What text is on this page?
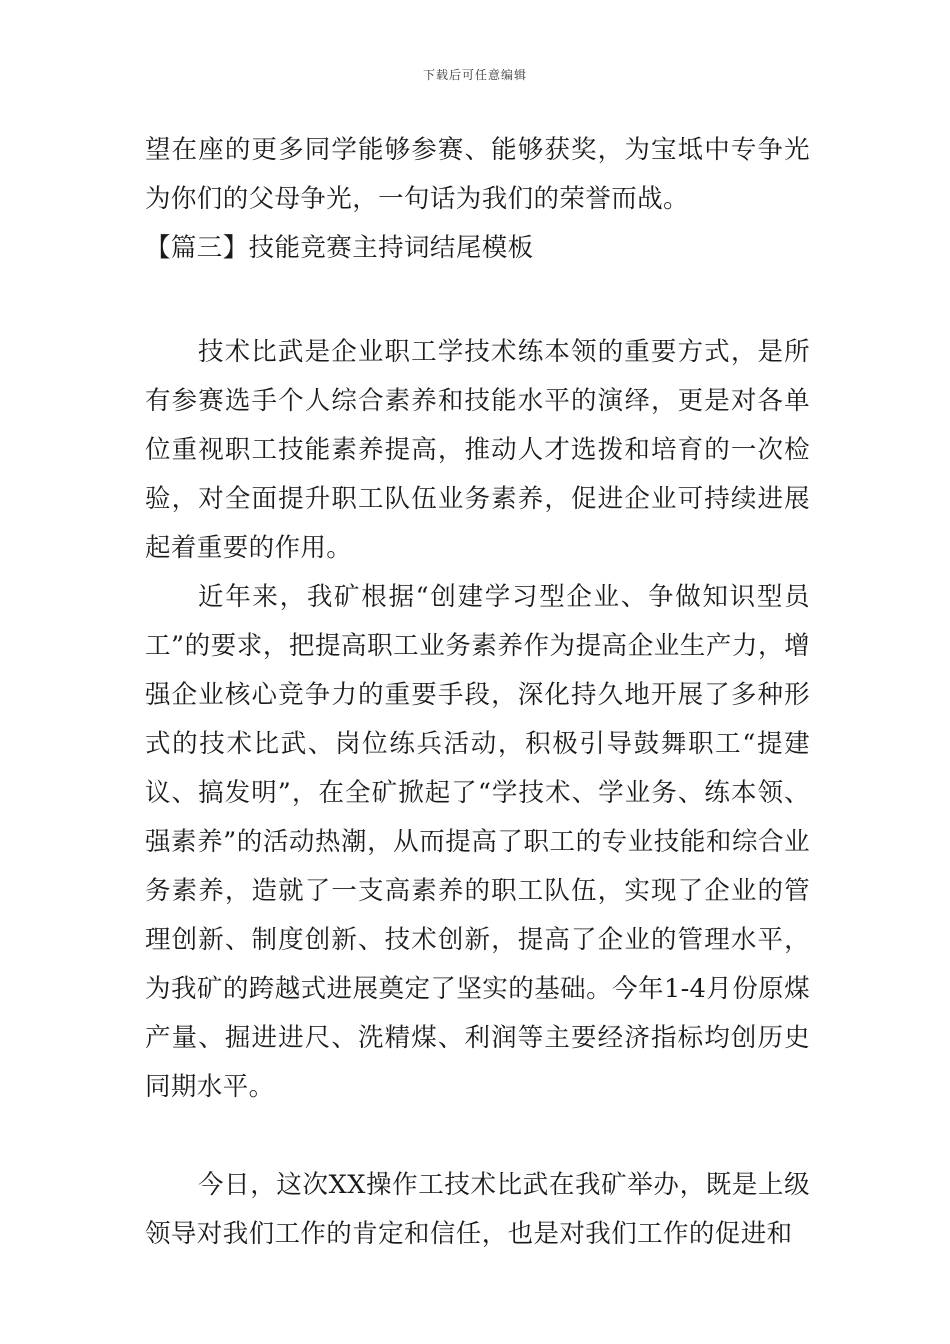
下载后可任意编辑

望在座的更多同学能够参赛、能够获奖，为宝坻中专争光为你们的父母争光，一句话为我们的荣誉而战。

【篇三】技能竞赛主持词结尾模板

技术比武是企业职工学技术练本领的重要方式，是所有参赛选手个人综合素养和技能水平的演绎，更是对各单位重视职工技能素养提高，推动人才选拨和培育的一次检验，对全面提升职工队伍业务素养，促进企业可持续进展起着重要的作用。

近年来，我矿根据“创建学习型企业、争做知识型员工”的要求，把提高职工业务素养作为提高企业生产力，增强企业核心竞争力的重要手段，深化持久地开展了多种形式的技术比武、岗位练兵活动，积极引导鼓舞职工“提建议、搞发明”，在全矿掀起了“学技术、学业务、练本领、强素养”的活动热潮，从而提高了职工的专业技能和综合业务素养，造就了一支高素养的职工队伍，实现了企业的管理创新、制度创新、技术创新，提高了企业的管理水平，为我矿的跨越式进展奠定了坚实的基础。今年1-4月份原煤产量、掘进进尺、洗精煤、利润等主要经济指标均创历史同期水平。

今日，这次XX操作工技术比武在我矿举办，既是上级领导对我们工作的肯定和信任，也是对我们工作的促进和
